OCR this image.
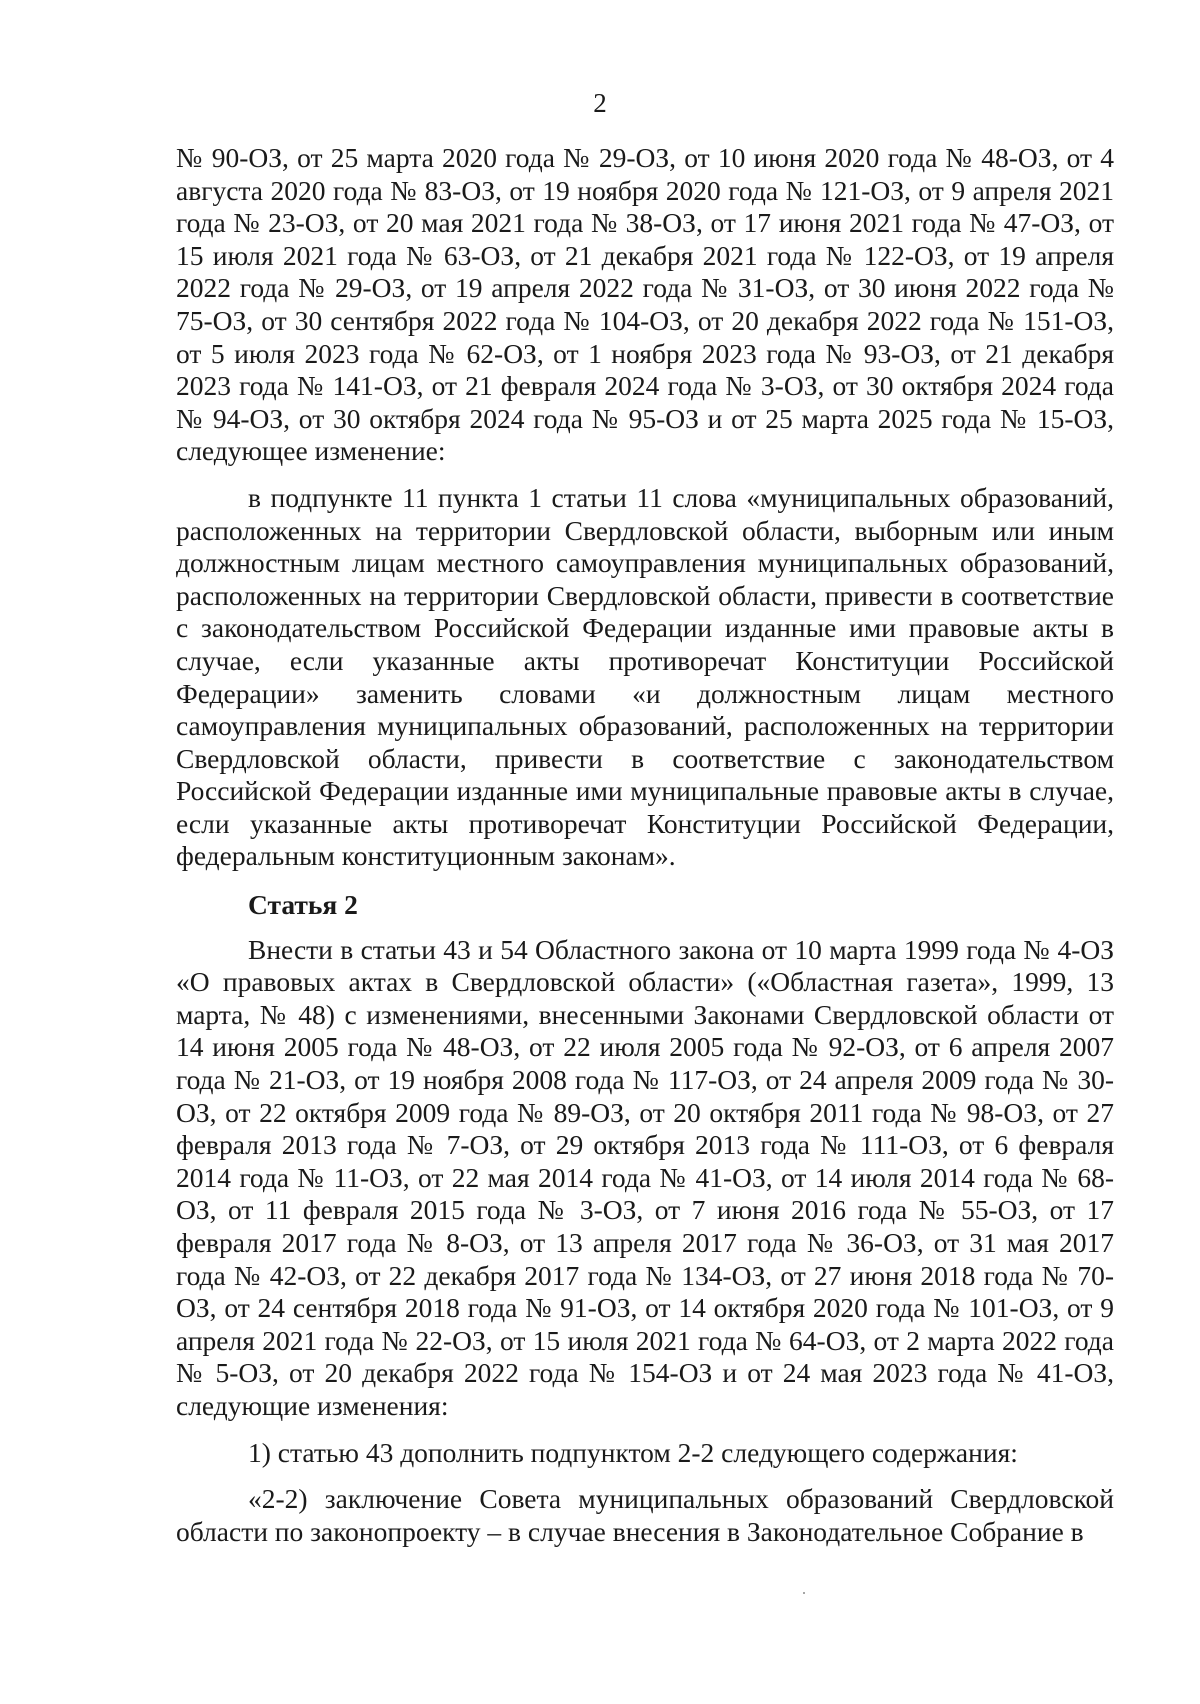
2

№ 90-ОЗ, от 25 марта 2020 года № 29-ОЗ, от 10 июня 2020 года № 48-ОЗ, от 4 августа 2020 года № 83-ОЗ, от 19 ноября 2020 года № 121-ОЗ, от 9 апреля 2021 года № 23-ОЗ, от 20 мая 2021 года № 38-ОЗ, от 17 июня 2021 года № 47-ОЗ, от 15 июля 2021 года № 63-ОЗ, от 21 декабря 2021 года № 122-ОЗ, от 19 апреля 2022 года № 29-ОЗ, от 19 апреля 2022 года № 31-ОЗ, от 30 июня 2022 года № 75-ОЗ, от 30 сентября 2022 года № 104-ОЗ, от 20 декабря 2022 года № 151-ОЗ, от 5 июля 2023 года № 62-ОЗ, от 1 ноября 2023 года № 93-ОЗ, от 21 декабря 2023 года № 141-ОЗ, от 21 февраля 2024 года № 3-ОЗ, от 30 октября 2024 года № 94-ОЗ, от 30 октября 2024 года № 95-ОЗ и от 25 марта 2025 года № 15-ОЗ, следующее изменение:

в подпункте 11 пункта 1 статьи 11 слова «муниципальных образований, расположенных на территории Свердловской области, выборным или иным должностным лицам местного самоуправления муниципальных образований, расположенных на территории Свердловской области, привести в соответствие с законодательством Российской Федерации изданные ими правовые акты в случае, если указанные акты противоречат Конституции Российской Федерации» заменить словами «и должностным лицам местного самоуправления муниципальных образований, расположенных на территории Свердловской области, привести в соответствие с законодательством Российской Федерации изданные ими муниципальные правовые акты в случае, если указанные акты противоречат Конституции Российской Федерации, федеральным конституционным законам».

Статья 2

Внести в статьи 43 и 54 Областного закона от 10 марта 1999 года № 4-ОЗ «О правовых актах в Свердловской области» («Областная газета», 1999, 13 марта, № 48) с изменениями, внесенными Законами Свердловской области от 14 июня 2005 года № 48-ОЗ, от 22 июля 2005 года № 92-ОЗ, от 6 апреля 2007 года № 21-ОЗ, от 19 ноября 2008 года № 117-ОЗ, от 24 апреля 2009 года № 30-ОЗ, от 22 октября 2009 года № 89-ОЗ, от 20 октября 2011 года № 98-ОЗ, от 27 февраля 2013 года № 7-ОЗ, от 29 октября 2013 года № 111-ОЗ, от 6 февраля 2014 года № 11-ОЗ, от 22 мая 2014 года № 41-ОЗ, от 14 июля 2014 года № 68-ОЗ, от 11 февраля 2015 года № 3-ОЗ, от 7 июня 2016 года № 55-ОЗ, от 17 февраля 2017 года № 8-ОЗ, от 13 апреля 2017 года № 36-ОЗ, от 31 мая 2017 года № 42-ОЗ, от 22 декабря 2017 года № 134-ОЗ, от 27 июня 2018 года № 70-ОЗ, от 24 сентября 2018 года № 91-ОЗ, от 14 октября 2020 года № 101-ОЗ, от 9 апреля 2021 года № 22-ОЗ, от 15 июля 2021 года № 64-ОЗ, от 2 марта 2022 года № 5-ОЗ, от 20 декабря 2022 года № 154-ОЗ и от 24 мая 2023 года № 41-ОЗ, следующие изменения:

1) статью 43 дополнить подпунктом 2-2 следующего содержания:

«2-2) заключение Совета муниципальных образований Свердловской области по законопроекту – в случае внесения в Законодательное Собрание в
